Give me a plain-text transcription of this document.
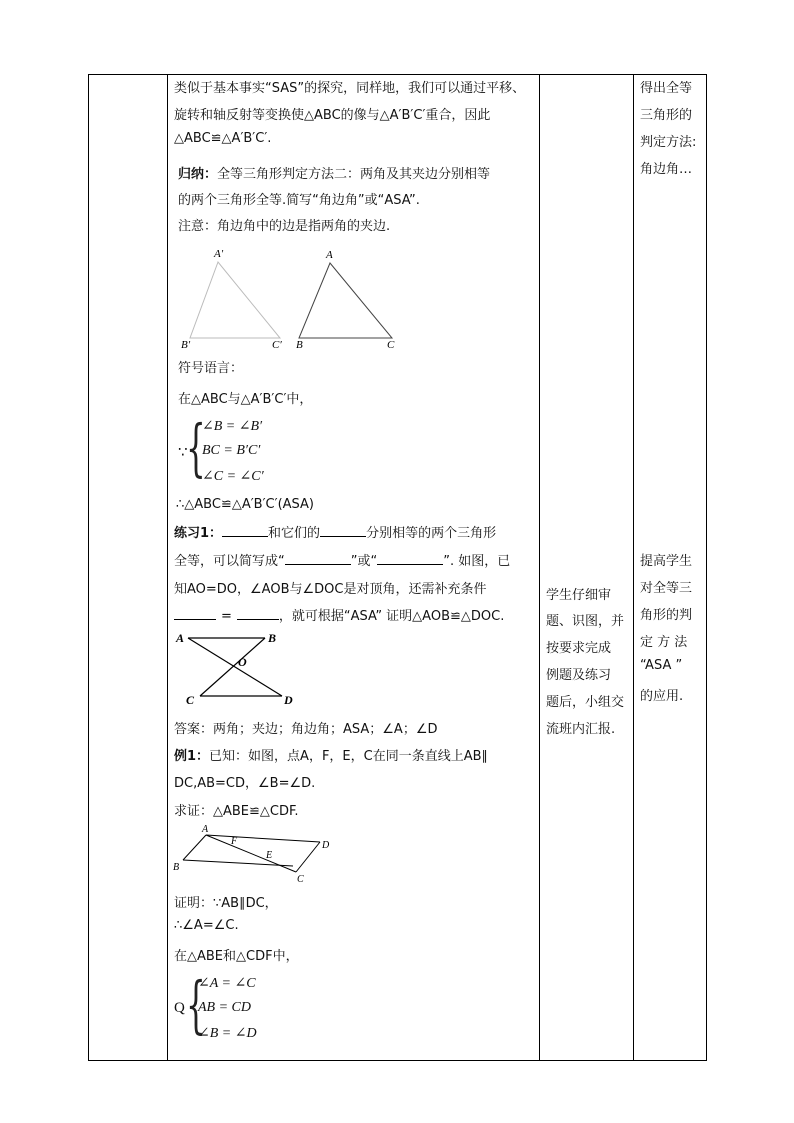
类似于基本事实“SAS”的探究，同样地，我们可以通过平移、
旋转和轴反射等变换使△ABC的像与△A′B′C′重合，因此
△ABC≌△A′B′C′.
归纳：全等三角形判定方法二：两角及其夹边分别相等
的两个三角形全等.简写“角边角”或“ASA”.
注意：角边角中的边是指两角的夹边.
A′
B′	C′
A
B	C
符号语言：
在△ABC与△A′B′C′中，
∵
{
∠B = ∠B′
BC = B′C′
∠C = ∠C′
∴△ABC≌△A′B′C′(ASA)
练习1：	和它们的	分别相等的两个三角形
全等，可以简写成“	”或“	”. 如图，已
知AO=DO，∠AOB与∠DOC是对顶角，还需补充条件
=	，就可根据“ASA” 证明△AOB≌△DOC.
A	B
O
C	D
答案：两角；夹边；角边角；ASA；∠A；∠D
例1：已知：如图，点A，F，E，C在同一条直线上AB∥
DC,AB=CD，∠B=∠D.
求证：△ABE≌△CDF.
A
F	D
B
E
C
证明：∵AB∥DC，
∴∠A=∠C.
在△ABE和△CDF中，
Q {
∠A = ∠C
AB = CD
∠B = ∠D
学生仔细审
题、识图，并
按要求完成
例题及练习
题后，小组交
流班内汇报.
得出全等
三角形的
判定方法:
角边角…
提高学生
对全等三
角形的判
定 方 法
“ASA ”
的应用.
